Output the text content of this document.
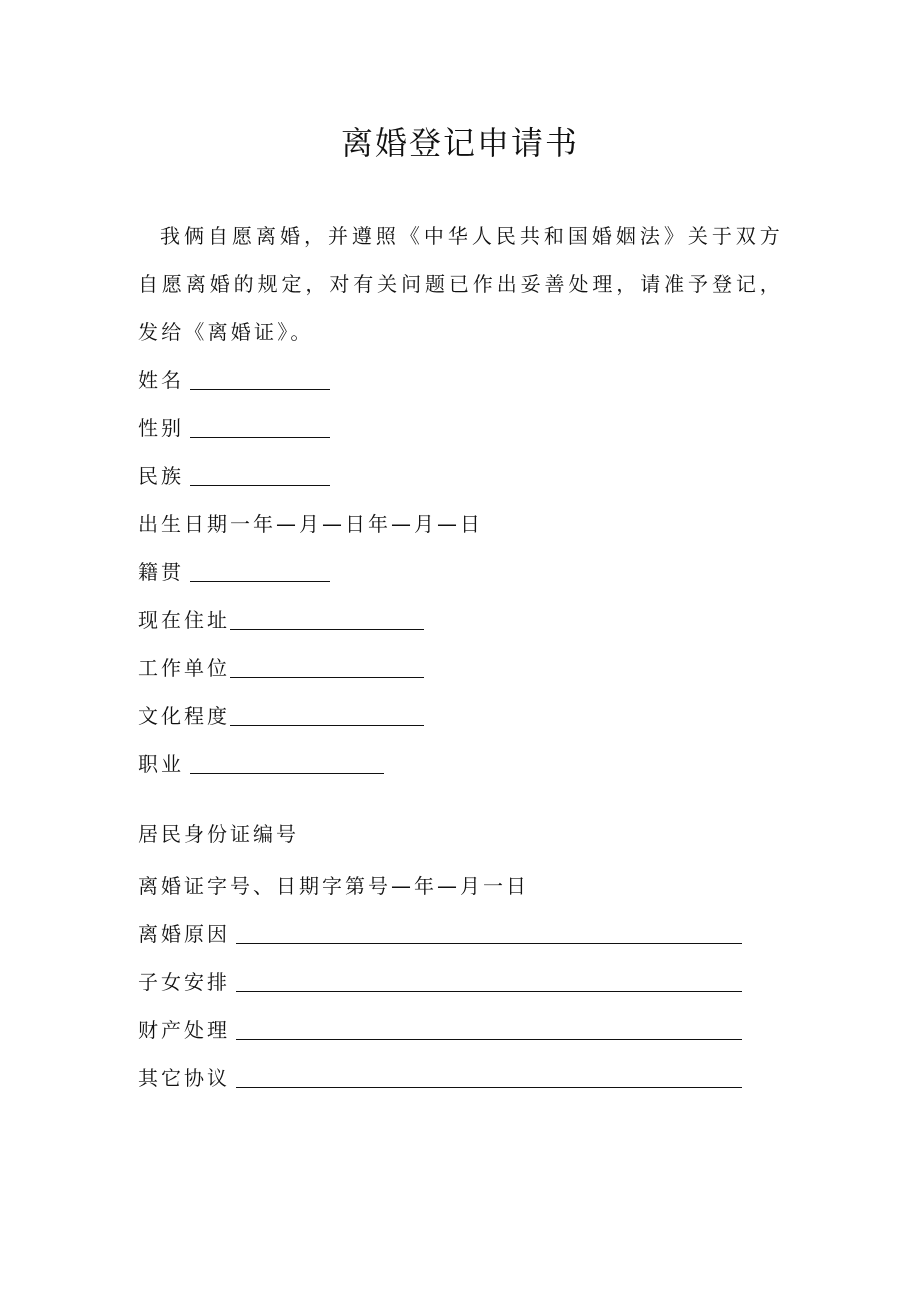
离婚登记申请书

我俩自愿离婚，并遵照《中华人民共和国婚姻法》关于双方自愿离婚的规定，对有关问题已作出妥善处理，请准予登记，发给《离婚证》。

姓名
性别
民族
出生日期一年—月—日年—月—日
籍贯
现在住址
工作单位
文化程度
职业
居民身份证编号
离婚证字号、日期字第号—年—月一日
离婚原因
子女安排
财产处理
其它协议
